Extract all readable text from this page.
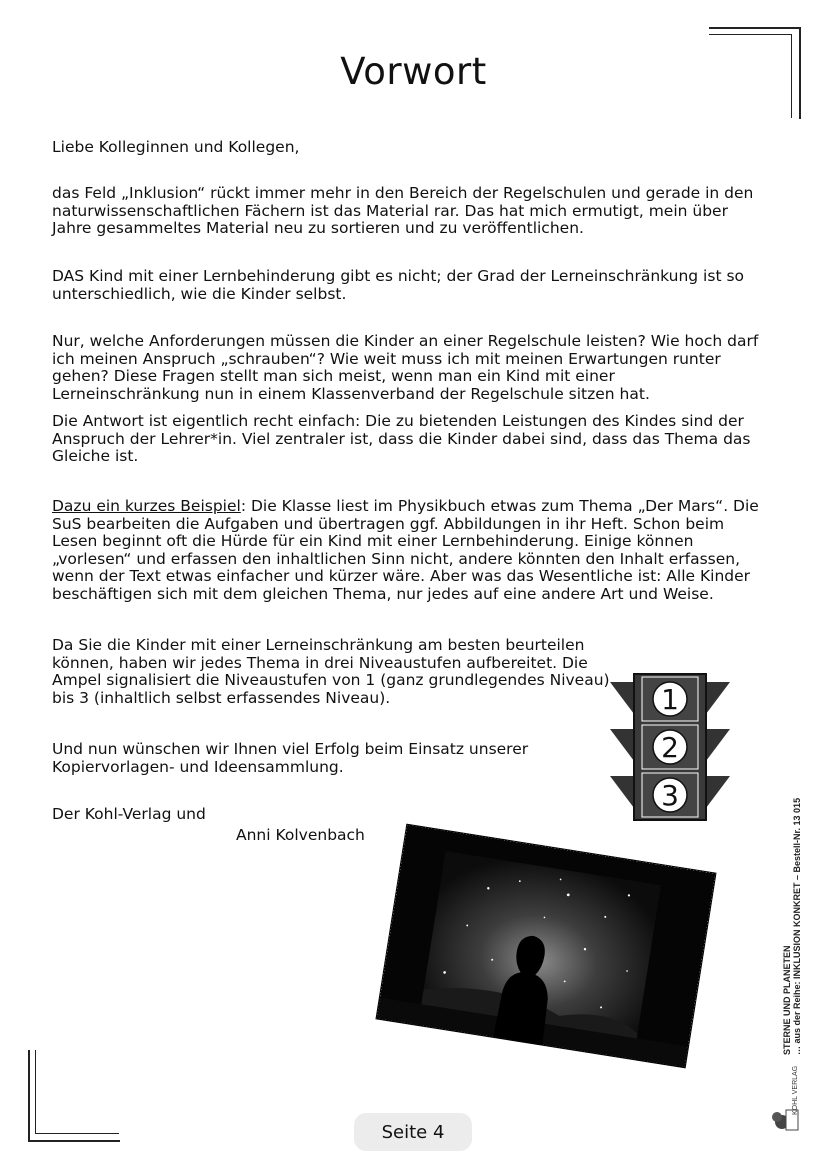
Vorwort

Liebe Kolleginnen und Kollegen,

das Feld „Inklusion“ rückt immer mehr in den Bereich der Regelschulen und gerade in den naturwissenschaftlichen Fächern ist das Material rar. Das hat mich ermutigt, mein über Jahre gesammeltes Material neu zu sortieren und zu veröffentlichen.

DAS Kind mit einer Lernbehinderung gibt es nicht; der Grad der Lerneinschränkung ist so unterschiedlich, wie die Kinder selbst.

Nur, welche Anforderungen müssen die Kinder an einer Regelschule leisten? Wie hoch darf ich meinen Anspruch „schrauben“? Wie weit muss ich mit meinen Erwartungen runter gehen? Diese Fragen stellt man sich meist, wenn man ein Kind mit einer Lerneinschränkung nun in einem Klassenverband der Regelschule sitzen hat.

Die Antwort ist eigentlich recht einfach: Die zu bietenden Leistungen des Kindes sind der Anspruch der Lehrer*in. Viel zentraler ist, dass die Kinder dabei sind, dass das Thema das Gleiche ist.

Dazu ein kurzes Beispiel: Die Klasse liest im Physikbuch etwas zum Thema „Der Mars“. Die SuS bearbeiten die Aufgaben und übertragen ggf. Abbildungen in ihr Heft. Schon beim Lesen beginnt oft die Hürde für ein Kind mit einer Lernbehinderung. Einige können „vorlesen“ und erfassen den inhaltlichen Sinn nicht, andere könnten den Inhalt erfassen, wenn der Text etwas einfacher und kürzer wäre. Aber was das Wesentliche ist: Alle Kinder beschäftigen sich mit dem gleichen Thema, nur jedes auf eine andere Art und Weise.

Da Sie die Kinder mit einer Lerneinschränkung am besten beurteilen können, haben wir jedes Thema in drei Niveaustufen aufbereitet. Die Ampel signalisiert die Niveaustufen von 1 (ganz grundlegendes Niveau) bis 3 (inhaltlich selbst erfassendes Niveau).

Und nun wünschen wir Ihnen viel Erfolg beim Einsatz unserer Kopiervorlagen- und Ideensammlung.

Der Kohl-Verlag und

Anni Kolvenbach
1
2
3
STERNE UND PLANETEN … aus der Reihe: INKLUSION KONKRET – Bestell-Nr. 13 015
KOHL VERLAG
Seite 4
